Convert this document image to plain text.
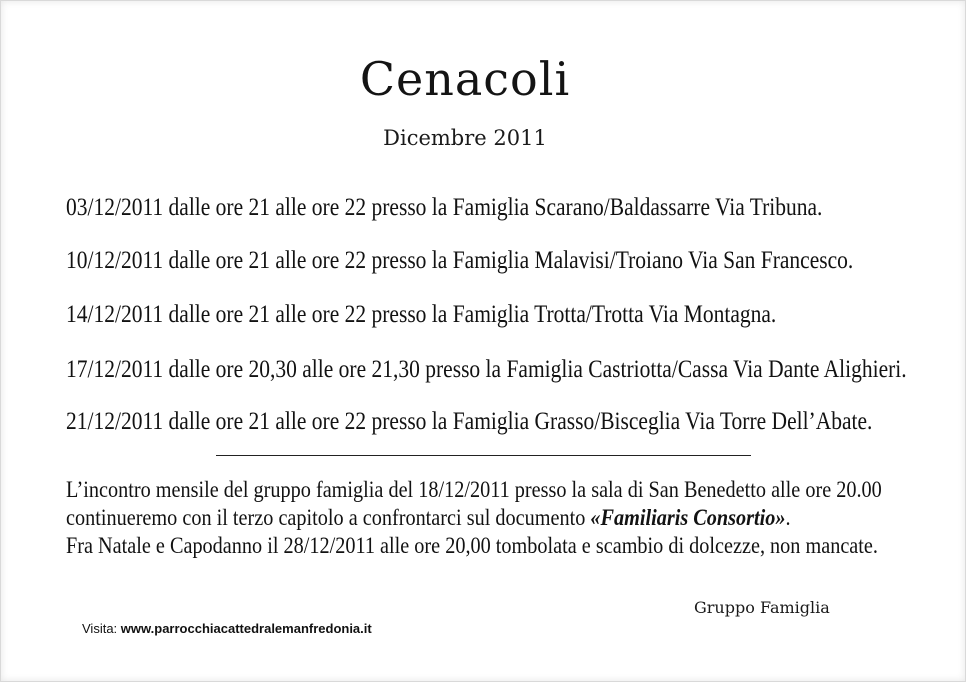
Cenacoli
Dicembre 2011
03/12/2011 dalle ore 21 alle ore 22 presso la Famiglia Scarano/Baldassarre Via Tribuna.
10/12/2011 dalle ore 21 alle ore 22 presso la Famiglia Malavisi/Troiano Via San Francesco.
14/12/2011 dalle ore 21 alle ore 22 presso la Famiglia Trotta/Trotta Via Montagna.
17/12/2011 dalle ore 20,30 alle ore 21,30 presso la Famiglia Castriotta/Cassa Via Dante Alighieri.
21/12/2011 dalle ore 21 alle ore 22 presso la Famiglia Grasso/Bisceglia Via Torre Dell’Abate.
L’incontro mensile del gruppo famiglia del 18/12/2011 presso la sala di San Benedetto alle ore 20.00
continueremo con il terzo capitolo a confrontarci sul documento «Familiaris Consortio».
Fra Natale e Capodanno il 28/12/2011 alle ore 20,00 tombolata e scambio di dolcezze, non mancate.
Gruppo Famiglia
Visita: www.parrocchiacattedralemanfredonia.it
